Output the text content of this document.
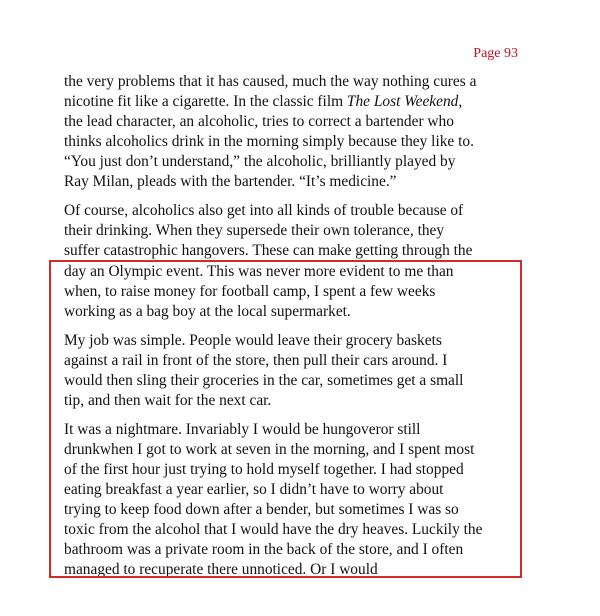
Page 93
the very problems that it has caused, much the way nothing cures a
nicotine fit like a cigarette. In the classic film The Lost Weekend,
the lead character, an alcoholic, tries to correct a bartender who
thinks alcoholics drink in the morning simply because they like to.
“You just don’t understand,” the alcoholic, brilliantly played by
Ray Milan, pleads with the bartender. “It’s medicine.”
Of course, alcoholics also get into all kinds of trouble because of
their drinking. When they supersede their own tolerance, they
suffer catastrophic hangovers. These can make getting through the
day an Olympic event. This was never more evident to me than
when, to raise money for football camp, I spent a few weeks
working as a bag boy at the local supermarket.
My job was simple. People would leave their grocery baskets
against a rail in front of the store, then pull their cars around. I
would then sling their groceries in the car, sometimes get a small
tip, and then wait for the next car.
It was a nightmare. Invariably I would be hungoveror still
drunkwhen I got to work at seven in the morning, and I spent most
of the first hour just trying to hold myself together. I had stopped
eating breakfast a year earlier, so I didn’t have to worry about
trying to keep food down after a bender, but sometimes I was so
toxic from the alcohol that I would have the dry heaves. Luckily the
bathroom was a private room in the back of the store, and I often
managed to recuperate there unnoticed. Or I would
